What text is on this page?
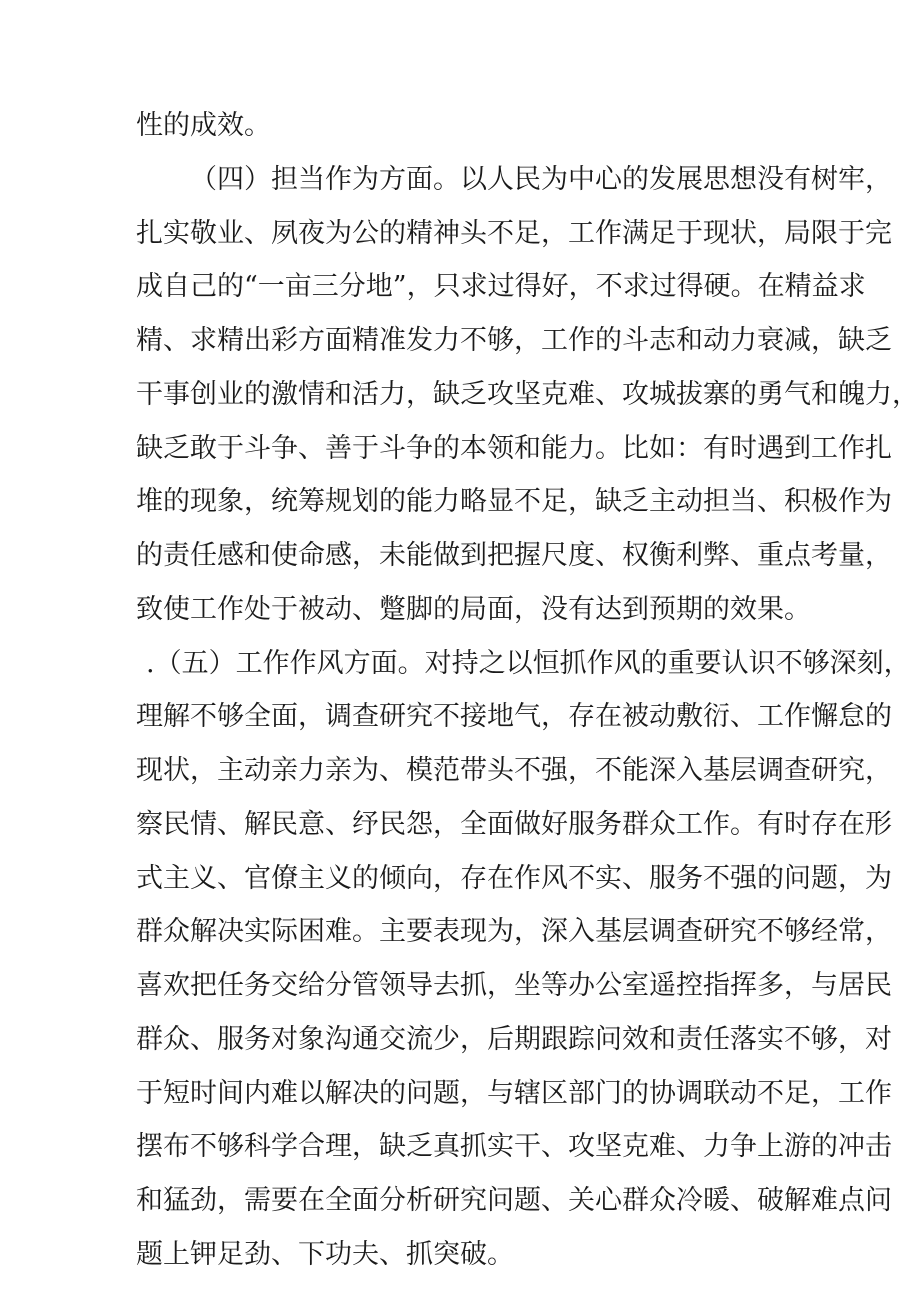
性的成效。

（四）担当作为方面。以人民为中心的发展思想没有树牢，

扎实敬业、夙夜为公的精神头不足，工作满足于现状，局限于完

成自己的“一亩三分地”，只求过得好，不求过得硬。在精益求

精、求精出彩方面精准发力不够，工作的斗志和动力衰减，缺乏

干事创业的激情和活力，缺乏攻坚克难、攻城拔寨的勇气和魄力，

缺乏敢于斗争、善于斗争的本领和能力。比如：有时遇到工作扎

堆的现象，统筹规划的能力略显不足，缺乏主动担当、积极作为

的责任感和使命感，未能做到把握尺度、权衡利弊、重点考量，

致使工作处于被动、蹩脚的局面，没有达到预期的效果。

.（五）工作作风方面。对持之以恒抓作风的重要认识不够深刻，

理解不够全面，调查研究不接地气，存在被动敷衍、工作懈怠的

现状，主动亲力亲为、模范带头不强，不能深入基层调查研究，

察民情、解民意、纾民怨，全面做好服务群众工作。有时存在形

式主义、官僚主义的倾向，存在作风不实、服务不强的问题，为

群众解决实际困难。主要表现为，深入基层调查研究不够经常，

喜欢把任务交给分管领导去抓，坐等办公室遥控指挥多，与居民

群众、服务对象沟通交流少，后期跟踪问效和责任落实不够，对

于短时间内难以解决的问题，与辖区部门的协调联动不足，工作

摆布不够科学合理，缺乏真抓实干、攻坚克难、力争上游的冲击

和猛劲，需要在全面分析研究问题、关心群众冷暖、破解难点问

题上钾足劲、下功夫、抓突破。
